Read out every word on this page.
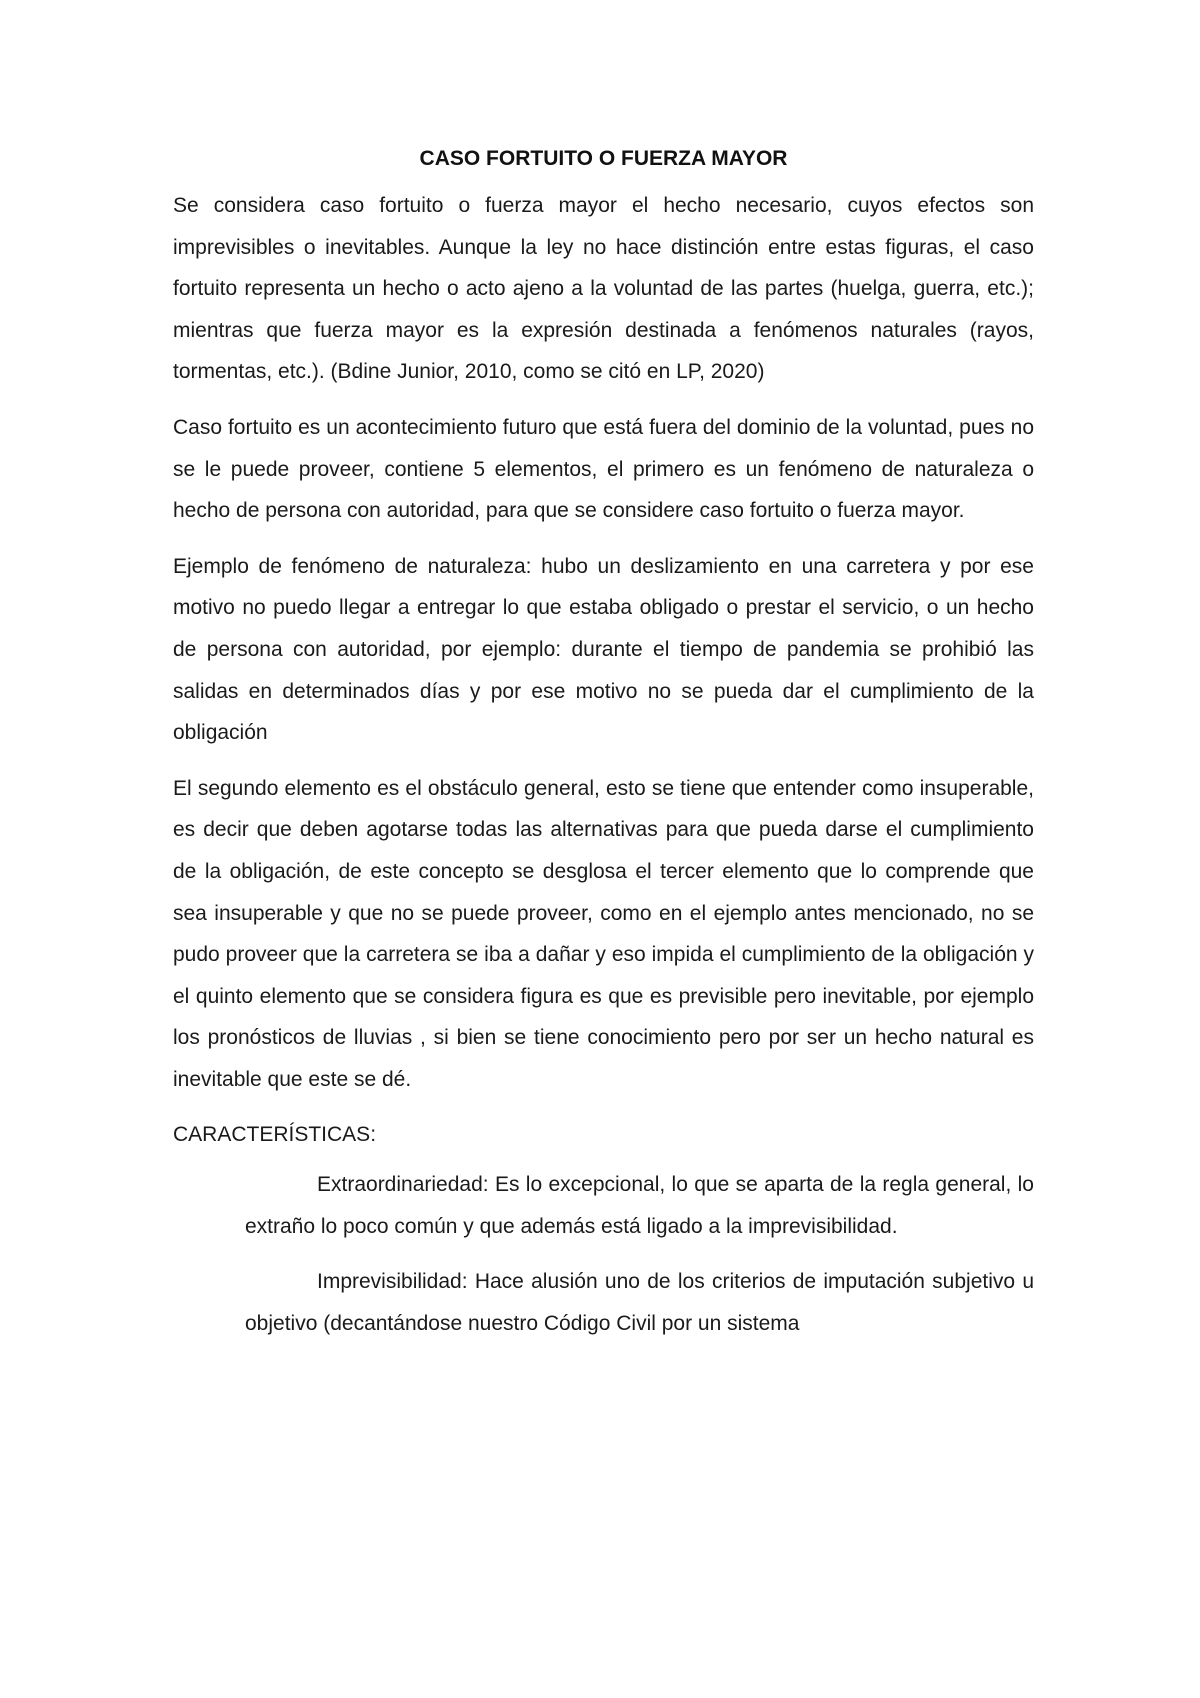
CASO FORTUITO O FUERZA MAYOR

Se considera caso fortuito o fuerza mayor el hecho necesario, cuyos efectos son imprevisibles o inevitables. Aunque la ley no hace distinción entre estas figuras, el caso fortuito representa un hecho o acto ajeno a la voluntad de las partes (huelga, guerra, etc.); mientras que fuerza mayor es la expresión destinada a fenómenos naturales (rayos, tormentas, etc.). (Bdine Junior, 2010, como se citó en LP, 2020)

Caso fortuito es un acontecimiento futuro que está fuera del dominio de la voluntad, pues no se le puede proveer, contiene 5 elementos, el primero es un fenómeno de naturaleza o hecho de persona con autoridad, para que se considere caso fortuito o fuerza mayor.

Ejemplo de fenómeno de naturaleza: hubo un deslizamiento en una carretera y por ese motivo no puedo llegar a entregar lo que estaba obligado o prestar el servicio, o un hecho de persona con autoridad, por ejemplo: durante el tiempo de pandemia se prohibió las salidas en determinados días y por ese motivo no se pueda dar el cumplimiento de la obligación

El segundo elemento es el obstáculo general, esto se tiene que entender como insuperable, es decir que deben agotarse todas las alternativas para que pueda darse el cumplimiento de la obligación, de este concepto se desglosa el tercer elemento que lo comprende que sea insuperable y que no se puede proveer, como en el ejemplo antes mencionado, no se pudo proveer que la carretera se iba a dañar y eso impida el cumplimiento de la obligación y el quinto elemento que se considera figura es que es previsible pero inevitable, por ejemplo los pronósticos de lluvias , si bien se tiene conocimiento pero por ser un hecho natural es inevitable que este se dé.

CARACTERÍSTICAS:

Extraordinariedad: Es lo excepcional, lo que se aparta de la regla general, lo extraño lo poco común y que además está ligado a la imprevisibilidad.

Imprevisibilidad: Hace alusión uno de los criterios de imputación subjetivo u objetivo (decantándose nuestro Código Civil por un sistema
